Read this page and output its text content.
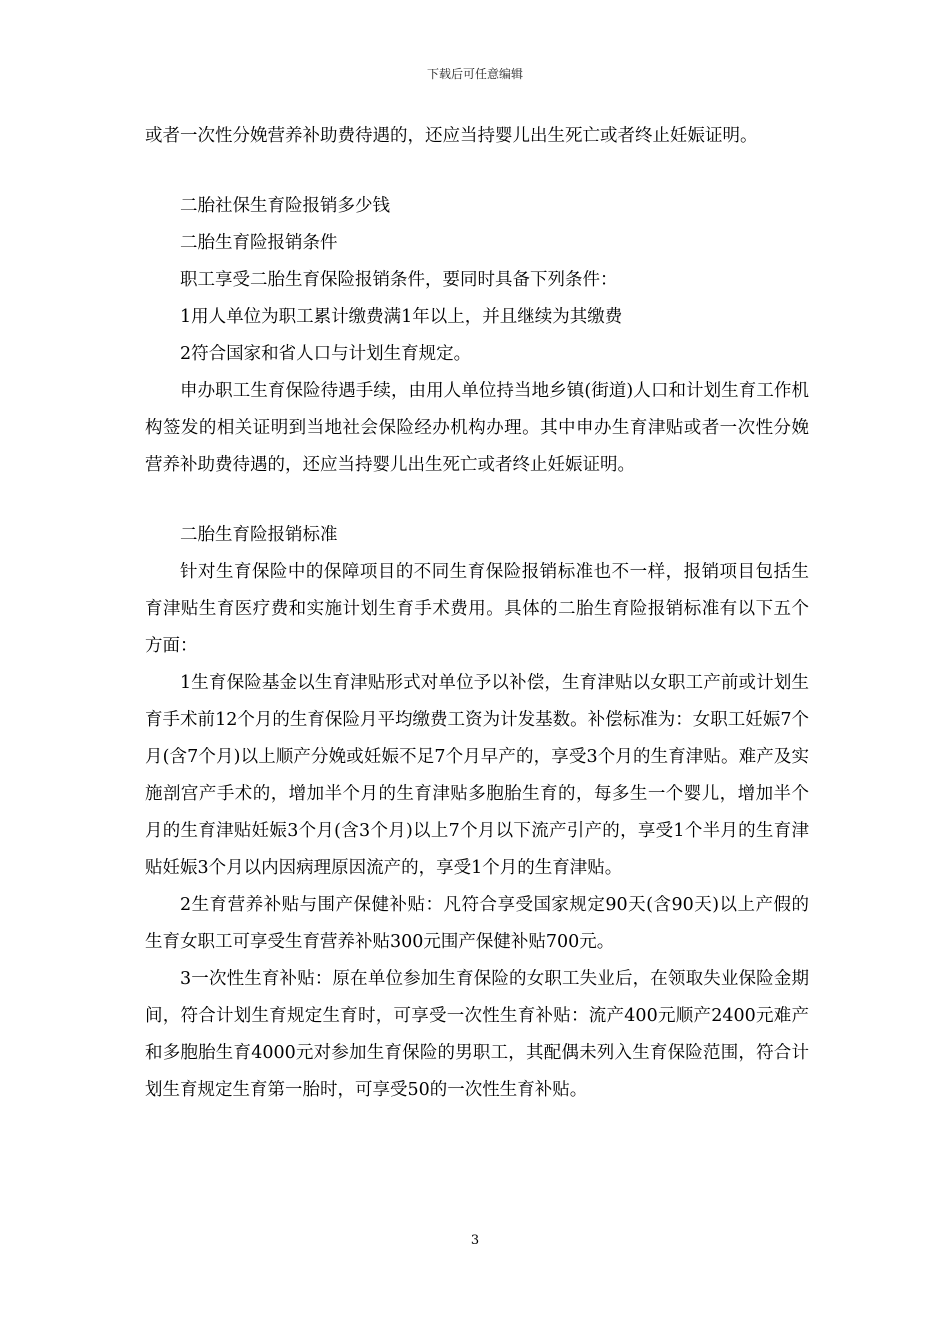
下载后可任意编辑

或者一次性分娩营养补助费待遇的，还应当持婴儿出生死亡或者终止妊娠证明。

二胎社保生育险报销多少钱

二胎生育险报销条件

职工享受二胎生育保险报销条件，要同时具备下列条件：

1用人单位为职工累计缴费满1年以上，并且继续为其缴费

2符合国家和省人口与计划生育规定。

申办职工生育保险待遇手续，由用人单位持当地乡镇(街道)人口和计划生育工作机构签发的相关证明到当地社会保险经办机构办理。其中申办生育津贴或者一次性分娩营养补助费待遇的，还应当持婴儿出生死亡或者终止妊娠证明。

二胎生育险报销标准

针对生育保险中的保障项目的不同生育保险报销标准也不一样，报销项目包括生育津贴生育医疗费和实施计划生育手术费用。具体的二胎生育险报销标准有以下五个方面：

1生育保险基金以生育津贴形式对单位予以补偿，生育津贴以女职工产前或计划生育手术前12个月的生育保险月平均缴费工资为计发基数。补偿标准为：女职工妊娠7个月(含7个月)以上顺产分娩或妊娠不足7个月早产的，享受3个月的生育津贴。难产及实施剖宫产手术的，增加半个月的生育津贴多胞胎生育的，每多生一个婴儿，增加半个月的生育津贴妊娠3个月(含3个月)以上7个月以下流产引产的，享受1个半月的生育津贴妊娠3个月以内因病理原因流产的，享受1个月的生育津贴。

2生育营养补贴与围产保健补贴：凡符合享受国家规定90天(含90天)以上产假的生育女职工可享受生育营养补贴300元围产保健补贴700元。

3一次性生育补贴：原在单位参加生育保险的女职工失业后，在领取失业保险金期间，符合计划生育规定生育时，可享受一次性生育补贴：流产400元顺产2400元难产和多胞胎生育4000元对参加生育保险的男职工，其配偶未列入生育保险范围，符合计划生育规定生育第一胎时，可享受50的一次性生育补贴。

3
